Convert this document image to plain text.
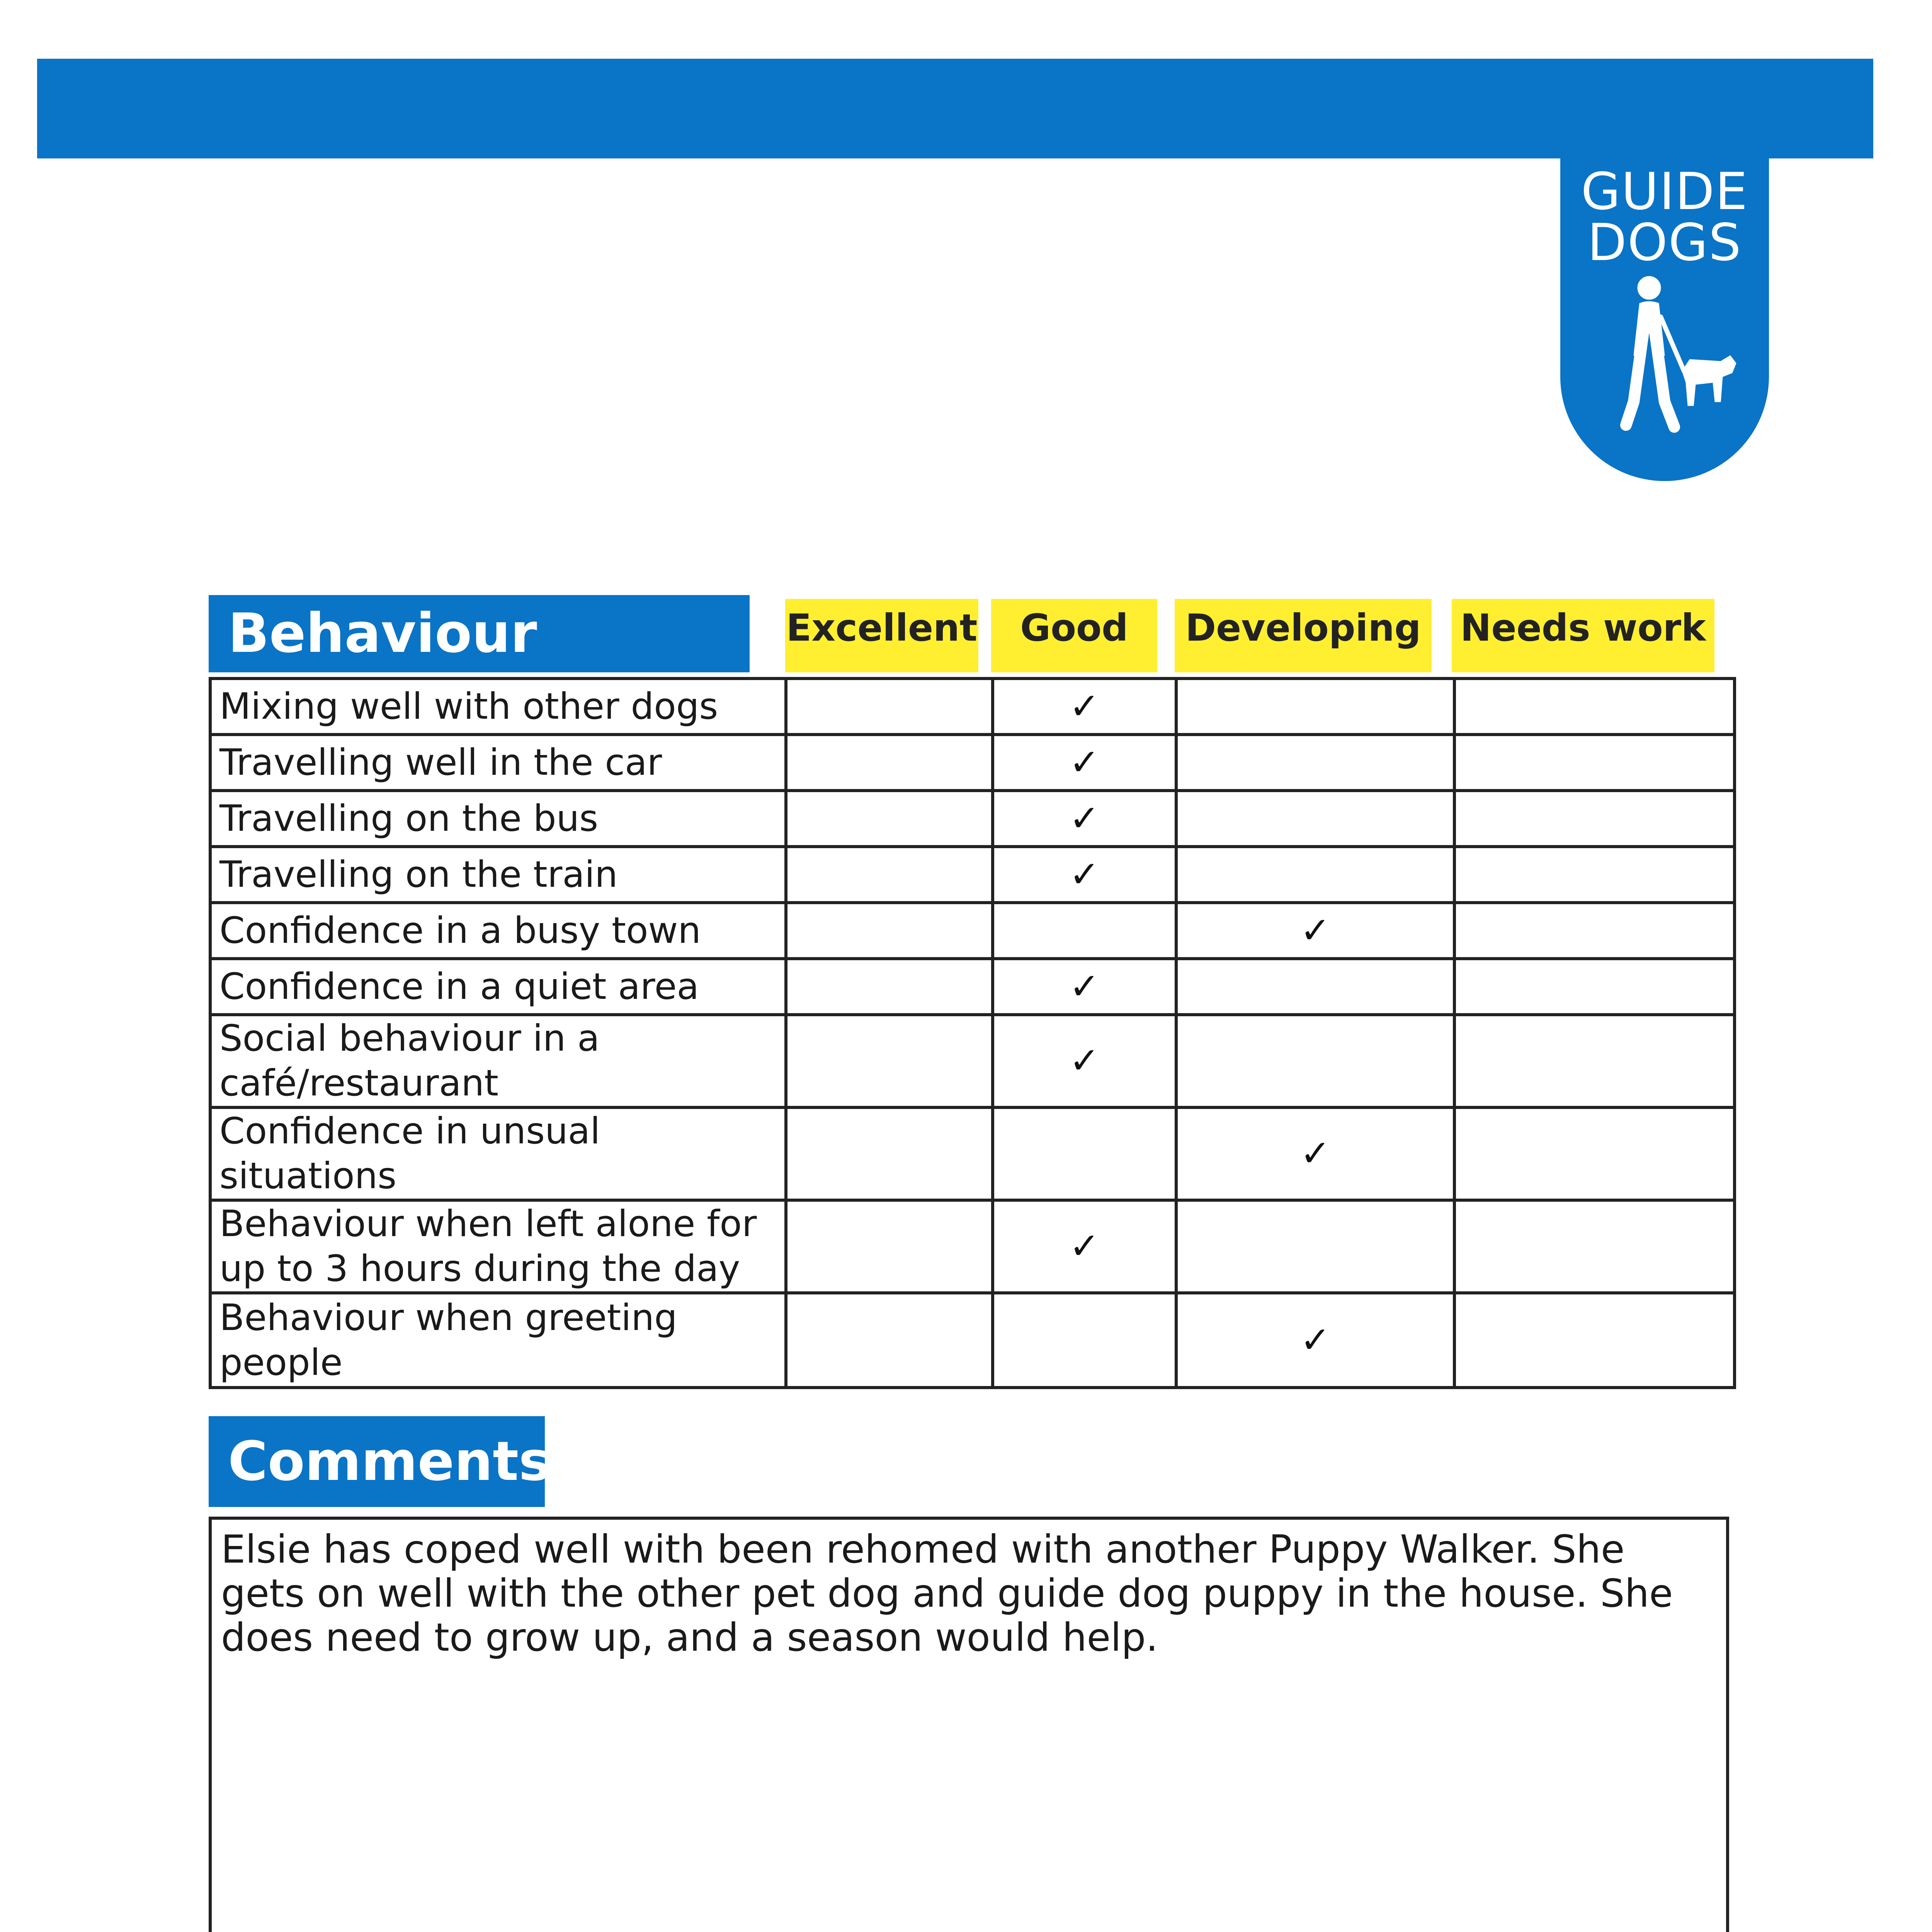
GUIDE
DOGS
Behaviour	Excellent	Good	Developing Needs work
Mixing well with other dogs		✓		
Travelling well in the car		✓		
Travelling on the bus		✓		
Travelling on the train		✓		
Confidence in a busy town			✓	
Confidence in a quiet area		✓		
Social behaviour in a café/restaurant		✓		
Confidence in unsual situations			✓	
Behaviour when left alone for up to 3 hours during the day		✓		
Behaviour when greeting people			✓	
Comments
Elsie has coped well with been rehomed with another Puppy Walker. She gets on well with the other pet dog and guide dog puppy in the house. She does need to grow up, and a season would help.
